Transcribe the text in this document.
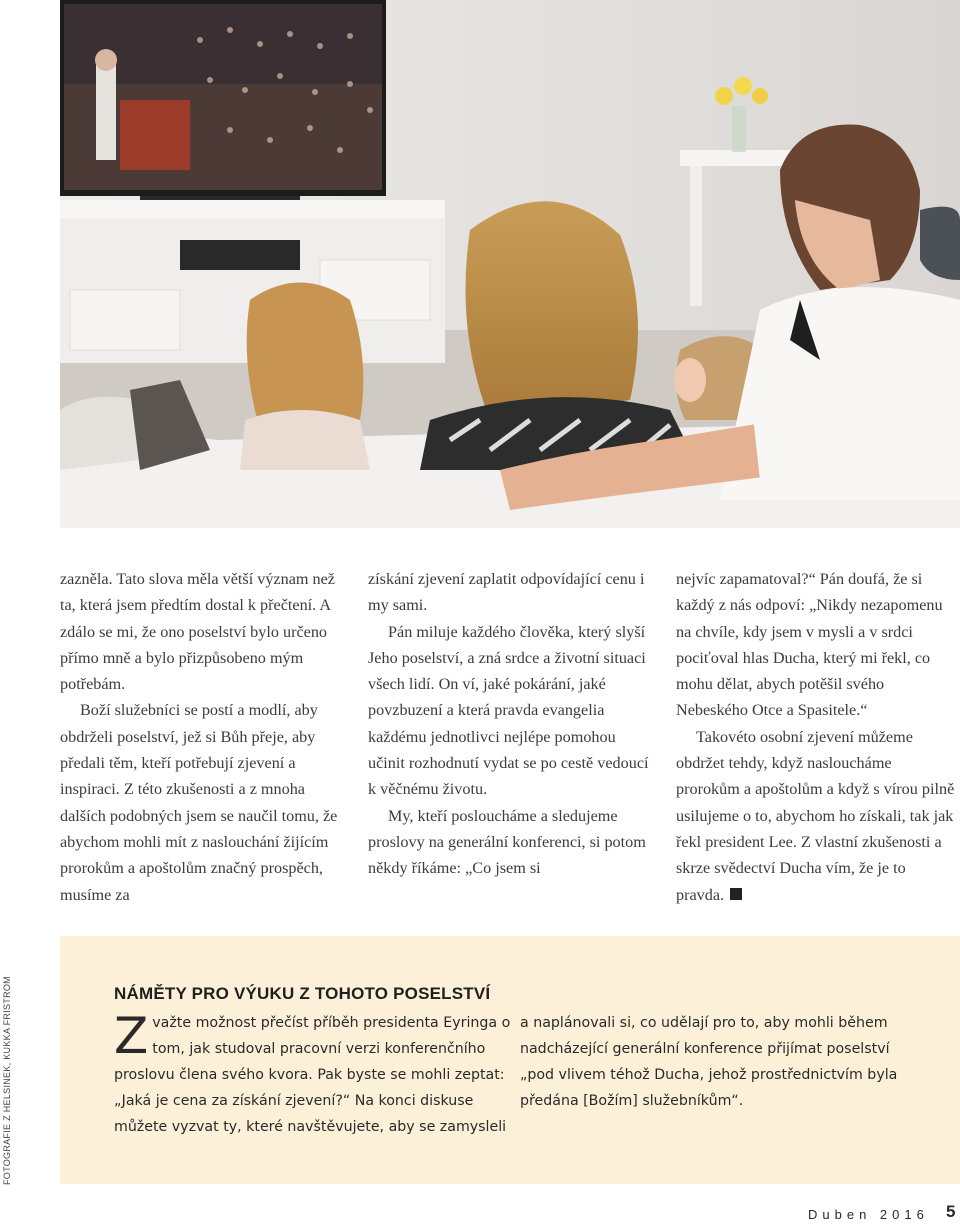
zazněla. Tato slova měla větší význam než ta, která jsem předtím dostal k přečtení. A zdálo se mi, že ono poselství bylo určeno přímo mně a bylo přizpůsobeno mým potřebám.

Boží služebníci se postí a modlí, aby obdrželi poselství, jež si Bůh přeje, aby předali těm, kteří potřebují zjevení a inspiraci. Z této zkušenosti a z mnoha dalších podobných jsem se naučil tomu, že abychom mohli mít z naslouchání žijícím prorokům a apoštolům značný prospěch, musíme za

získání zjevení zaplatit odpovídající cenu i my sami.

Pán miluje každého člověka, který slyší Jeho poselství, a zná srdce a životní situaci všech lidí. On ví, jaké pokárání, jaké povzbuzení a která pravda evangelia každému jednotlivci nejlépe pomohou učinit rozhodnutí vydat se po cestě vedoucí k věčnému životu.

My, kteří posloucháme a sledujeme proslovy na generální konferenci, si potom někdy říkáme: „Co jsem si

nejvíc zapamatoval?“ Pán doufá, že si každý z nás odpoví: „Nikdy nezapomenu na chvíle, kdy jsem v mysli a v srdci pociťoval hlas Ducha, který mi řekl, co mohu dělat, abych potěšil svého Nebeského Otce a Spasitele.“

Takovéto osobní zjevení můžeme obdržet tehdy, když nasloucháme prorokům a apoštolům a když s vírou pilně usilujeme o to, abychom ho získali, tak jak řekl president Lee. Z vlastní zkušenosti a skrze svědectví Ducha vím, že je to pravda.

NÁMĚTY PRO VÝUKU Z TOHOTO POSELSTVÍ

Zvažte možnost přečíst příběh presidenta Eyringa o tom, jak studoval pracovní verzi konferenčního proslovu člena svého kvora. Pak byste se mohli zeptat: „Jaká je cena za získání zjevení?“ Na konci diskuse můžete vyzvat ty, které navštěvujete, aby se zamysleli

a naplánovali si, co udělají pro to, aby mohli během nadcházející generální konference přijímat poselství „pod vlivem téhož Ducha, jehož prostřednictvím byla předána [Božím] služebníkům“.

FOTOGRAFIE Z HELSINEK, KUKKA FRISTROM
Duben 2016 5
